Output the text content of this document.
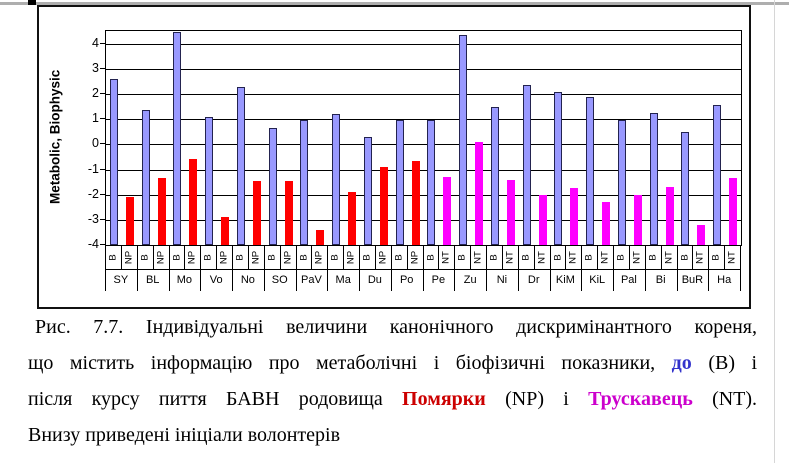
Metabolic, Biophysic
4
3
2
1
0
-1
-2
-3
-4
B NP
SY
B NP
BL
B NP
Mo
B NP
Vo
B NP
No
B NP
SO
B NP
PaV
B NP
Ma
B NP
Du
B NP
Po
B NT
Pe
B NT
Zu
B NT
Ni
B NT
Dr
B NT
KiM
B NT
KiL
B NT
Pal
B NT
Bi
B NT
BuR
B NT
Ha
Рис. 7.7. Індивідуальні величини канонічного дискримінантного кореня,
що містить інформацію про метаболічні і біофізичні показники, до (B) і
після курсу пиття БАВН родовища Помярки (NP) і Трускавець (NT).
Внизу приведені ініціали волонтерів
